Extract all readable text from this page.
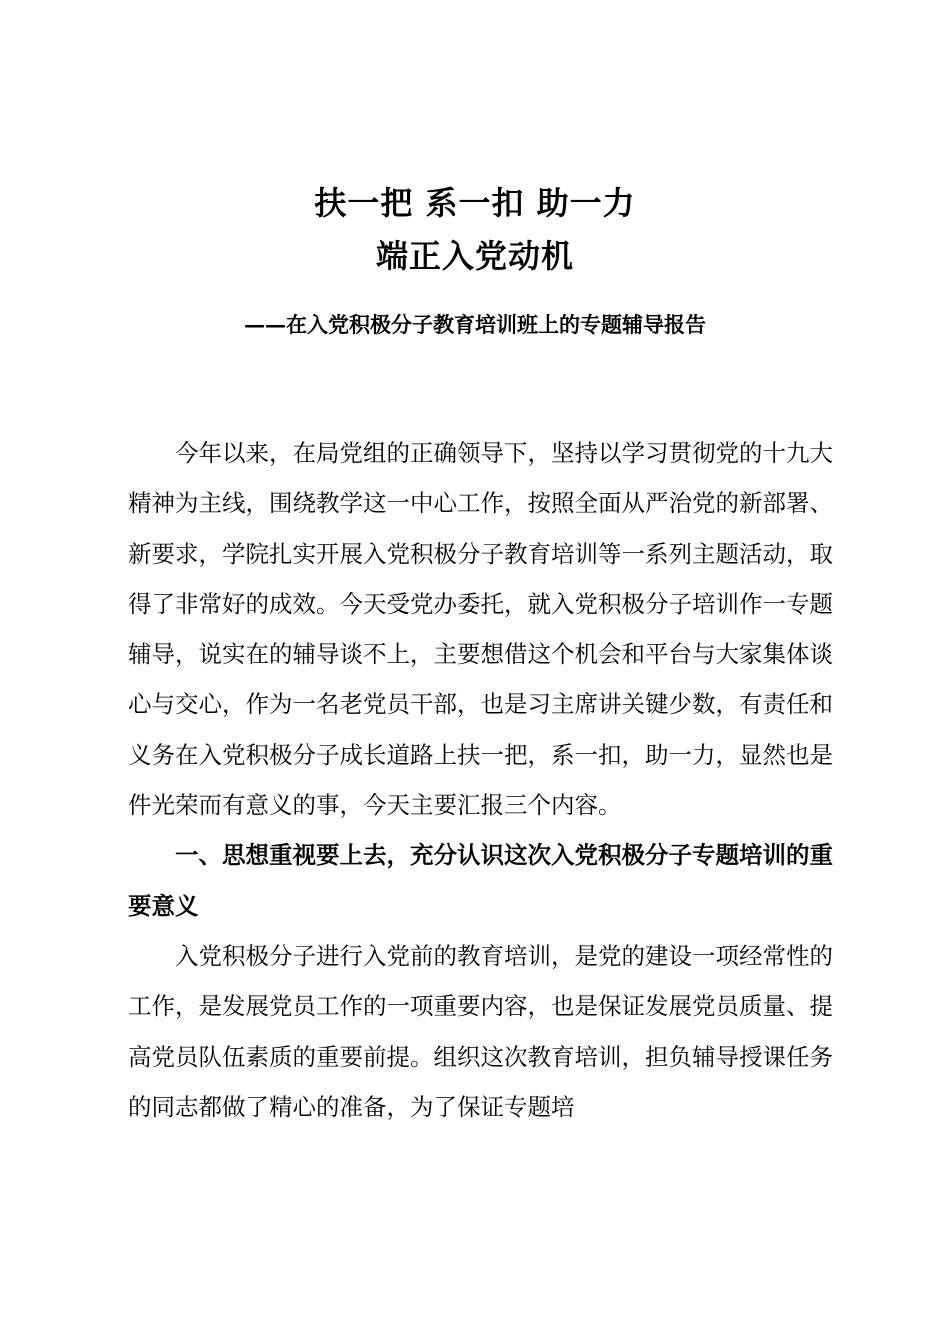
扶一把 系一扣 助一力
端正入党动机
——在入党积极分子教育培训班上的专题辅导报告

今年以来，在局党组的正确领导下，坚持以学习贯彻党的十九大精神为主线，围绕教学这一中心工作，按照全面从严治党的新部署、新要求，学院扎实开展入党积极分子教育培训等一系列主题活动，取得了非常好的成效。今天受党办委托，就入党积极分子培训作一专题辅导，说实在的辅导谈不上，主要想借这个机会和平台与大家集体谈心与交心，作为一名老党员干部，也是习主席讲关键少数，有责任和义务在入党积极分子成长道路上扶一把，系一扣，助一力，显然也是件光荣而有意义的事，今天主要汇报三个内容。

一、思想重视要上去，充分认识这次入党积极分子专题培训的重要意义

入党积极分子进行入党前的教育培训，是党的建设一项经常性的工作，是发展党员工作的一项重要内容，也是保证发展党员质量、提高党员队伍素质的重要前提。组织这次教育培训，担负辅导授课任务的同志都做了精心的准备，为了保证专题培
